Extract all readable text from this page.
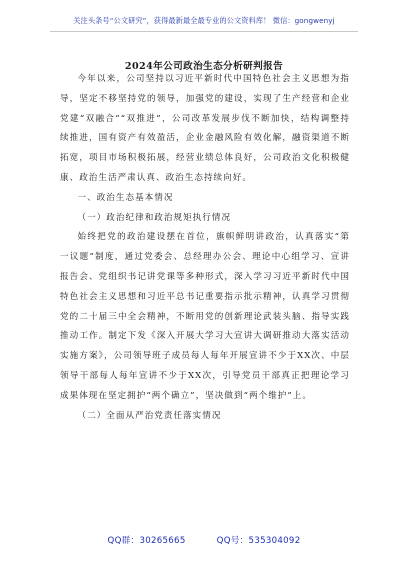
关注头条号“公文研究”，获得最新最全最专业的公文资料库！ 微信：gongwenyj
2024年公司政治生态分析研判报告

今年以来，公司坚持以习近平新时代中国特色社会主义思想为指导，坚定不移坚持党的领导，加强党的建设，实现了生产经营和企业党建“双融合”“双推进”，公司改革发展步伐不断加快，结构调整持续推进，国有资产有效盈活，企业金融风险有效化解，融资渠道不断拓宽，项目市场积极拓展，经营业绩总体良好，公司政治文化积极健康、政治生活严肃认真、政治生态持续向好。

一、政治生态基本情况

（一）政治纪律和政治规矩执行情况

始终把党的政治建设摆在首位，旗帜鲜明讲政治，认真落实“第一议题”制度，通过党委会、总经理办公会、理论中心组学习、宣讲报告会、党组织书记讲党课等多种形式，深入学习习近平新时代中国特色社会主义思想和习近平总书记重要指示批示精神，认真学习贯彻党的二十届三中全会精神，不断用党的创新理论武装头脑、指导实践推动工作。制定下发《深入开展大学习大宣讲大调研推动大落实活动实施方案》，公司领导班子成员每人每年开展宣讲不少于XX次、中层领导干部每人每年宣讲不少于XX次，引导党员干部真正把理论学习成果体现在坚定拥护“两个确立”，坚决做到“两个维护”上。

（二）全面从严治党责任落实情况

QQ群：30265665	QQ号：535304092
